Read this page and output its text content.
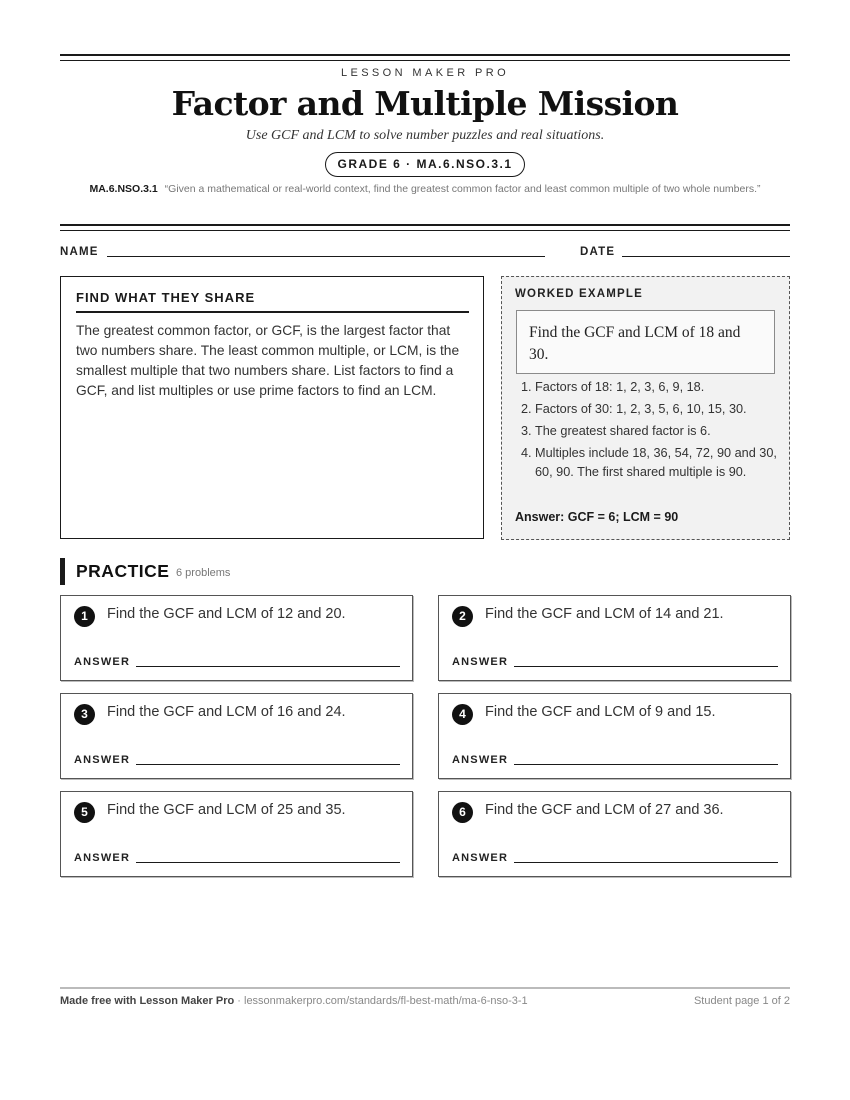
LESSON MAKER PRO
Factor and Multiple Mission
Use GCF and LCM to solve number puzzles and real situations.
GRADE 6 · MA.6.NSO.3.1
MA.6.NSO.3.1 “Given a mathematical or real-world context, find the greatest common factor and least common multiple of two whole numbers.”
NAME	DATE
FIND WHAT THEY SHARE
The greatest common factor, or GCF, is the largest factor that two numbers share. The least common multiple, or LCM, is the smallest multiple that two numbers share. List factors to find a GCF, and list multiples or use prime factors to find an LCM.
WORKED EXAMPLE
Find the GCF and LCM of 18 and 30.
1. Factors of 18: 1, 2, 3, 6, 9, 18.
2. Factors of 30: 1, 2, 3, 5, 6, 10, 15, 30.
3. The greatest shared factor is 6.
4. Multiples include 18, 36, 54, 72, 90 and 30, 60, 90. The first shared multiple is 90.
Answer: GCF = 6; LCM = 90
PRACTICE 6 problems
1	Find the GCF and LCM of 12 and 20.
ANSWER
2	Find the GCF and LCM of 14 and 21.
ANSWER
3	Find the GCF and LCM of 16 and 24.
ANSWER
4	Find the GCF and LCM of 9 and 15.
ANSWER
5	Find the GCF and LCM of 25 and 35.
ANSWER
6	Find the GCF and LCM of 27 and 36.
ANSWER
Made free with Lesson Maker Pro · lessonmakerpro.com/standards/fl-best-math/ma-6-nso-3-1	Student page 1 of 2
